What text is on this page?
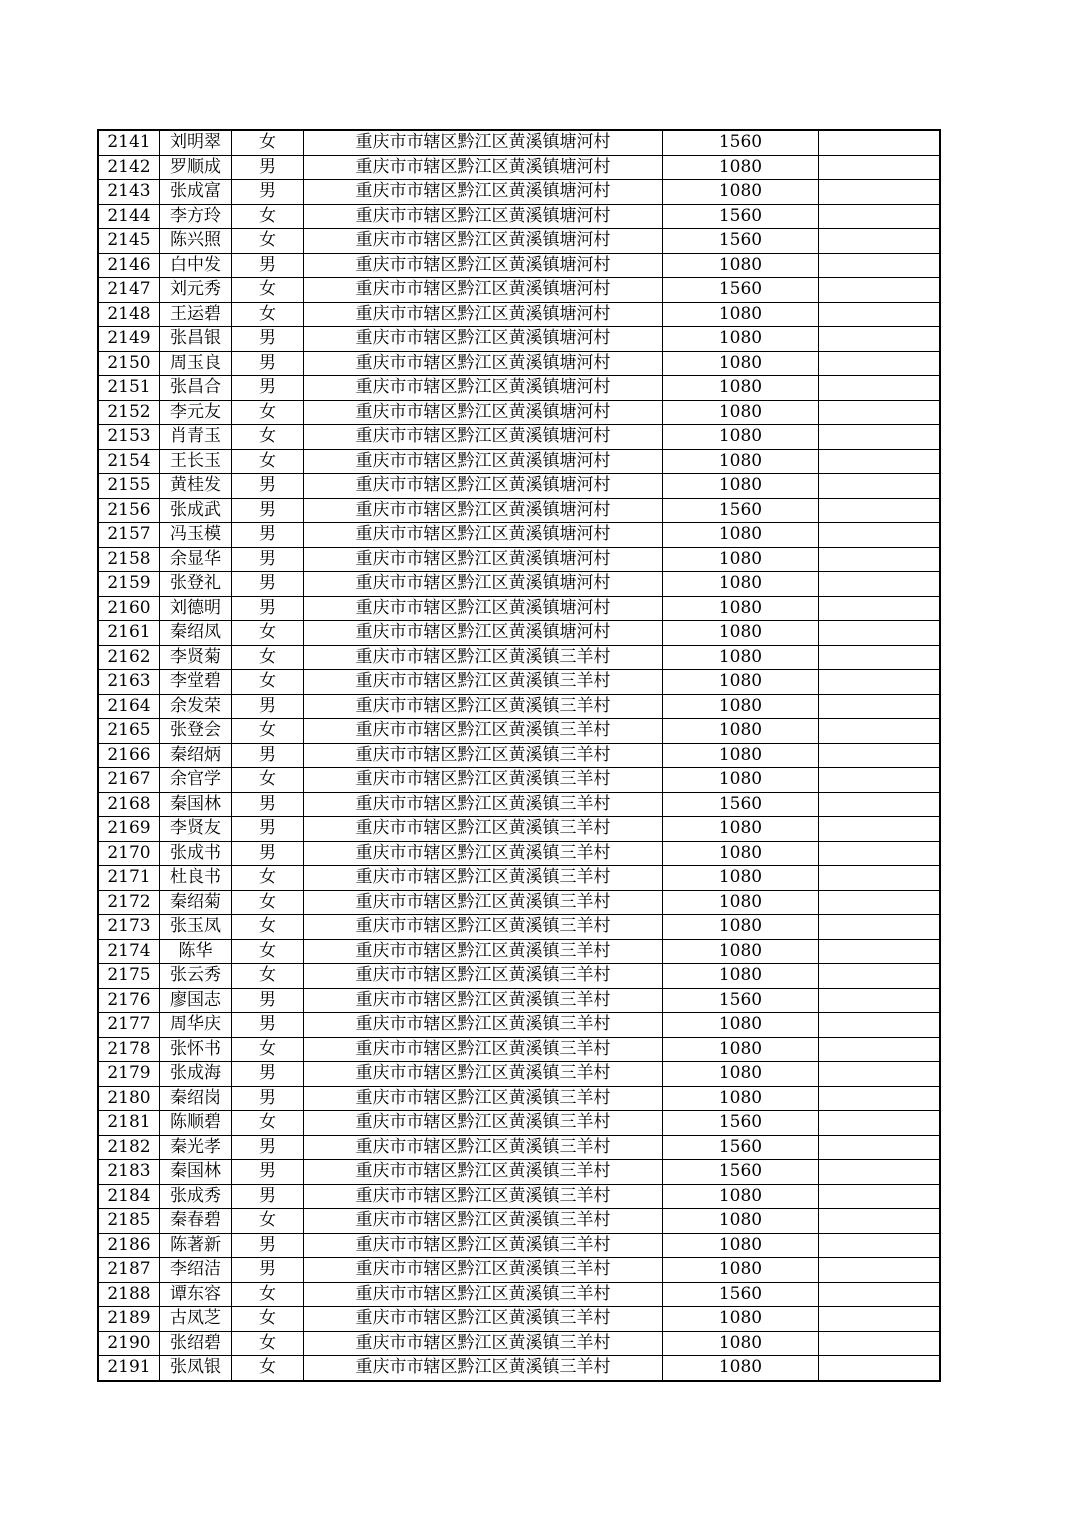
2141	刘明翠	女	重庆市市辖区黔江区黄溪镇塘河村	1560	
2142	罗顺成	男	重庆市市辖区黔江区黄溪镇塘河村	1080	
2143	张成富	男	重庆市市辖区黔江区黄溪镇塘河村	1080	
2144	李方玲	女	重庆市市辖区黔江区黄溪镇塘河村	1560	
2145	陈兴照	女	重庆市市辖区黔江区黄溪镇塘河村	1560	
2146	白中发	男	重庆市市辖区黔江区黄溪镇塘河村	1080	
2147	刘元秀	女	重庆市市辖区黔江区黄溪镇塘河村	1560	
2148	王运碧	女	重庆市市辖区黔江区黄溪镇塘河村	1080	
2149	张昌银	男	重庆市市辖区黔江区黄溪镇塘河村	1080	
2150	周玉良	男	重庆市市辖区黔江区黄溪镇塘河村	1080	
2151	张昌合	男	重庆市市辖区黔江区黄溪镇塘河村	1080	
2152	李元友	女	重庆市市辖区黔江区黄溪镇塘河村	1080	
2153	肖青玉	女	重庆市市辖区黔江区黄溪镇塘河村	1080	
2154	王长玉	女	重庆市市辖区黔江区黄溪镇塘河村	1080	
2155	黄桂发	男	重庆市市辖区黔江区黄溪镇塘河村	1080	
2156	张成武	男	重庆市市辖区黔江区黄溪镇塘河村	1560	
2157	冯玉模	男	重庆市市辖区黔江区黄溪镇塘河村	1080	
2158	余显华	男	重庆市市辖区黔江区黄溪镇塘河村	1080	
2159	张登礼	男	重庆市市辖区黔江区黄溪镇塘河村	1080	
2160	刘德明	男	重庆市市辖区黔江区黄溪镇塘河村	1080	
2161	秦绍凤	女	重庆市市辖区黔江区黄溪镇塘河村	1080	
2162	李贤菊	女	重庆市市辖区黔江区黄溪镇三羊村	1080	
2163	李堂碧	女	重庆市市辖区黔江区黄溪镇三羊村	1080	
2164	余发荣	男	重庆市市辖区黔江区黄溪镇三羊村	1080	
2165	张登会	女	重庆市市辖区黔江区黄溪镇三羊村	1080	
2166	秦绍炳	男	重庆市市辖区黔江区黄溪镇三羊村	1080	
2167	余官学	女	重庆市市辖区黔江区黄溪镇三羊村	1080	
2168	秦国林	男	重庆市市辖区黔江区黄溪镇三羊村	1560	
2169	李贤友	男	重庆市市辖区黔江区黄溪镇三羊村	1080	
2170	张成书	男	重庆市市辖区黔江区黄溪镇三羊村	1080	
2171	杜良书	女	重庆市市辖区黔江区黄溪镇三羊村	1080	
2172	秦绍菊	女	重庆市市辖区黔江区黄溪镇三羊村	1080	
2173	张玉凤	女	重庆市市辖区黔江区黄溪镇三羊村	1080	
2174	陈华	女	重庆市市辖区黔江区黄溪镇三羊村	1080	
2175	张云秀	女	重庆市市辖区黔江区黄溪镇三羊村	1080	
2176	廖国志	男	重庆市市辖区黔江区黄溪镇三羊村	1560	
2177	周华庆	男	重庆市市辖区黔江区黄溪镇三羊村	1080	
2178	张怀书	女	重庆市市辖区黔江区黄溪镇三羊村	1080	
2179	张成海	男	重庆市市辖区黔江区黄溪镇三羊村	1080	
2180	秦绍岗	男	重庆市市辖区黔江区黄溪镇三羊村	1080	
2181	陈顺碧	女	重庆市市辖区黔江区黄溪镇三羊村	1560	
2182	秦光孝	男	重庆市市辖区黔江区黄溪镇三羊村	1560	
2183	秦国林	男	重庆市市辖区黔江区黄溪镇三羊村	1560	
2184	张成秀	男	重庆市市辖区黔江区黄溪镇三羊村	1080	
2185	秦春碧	女	重庆市市辖区黔江区黄溪镇三羊村	1080	
2186	陈著新	男	重庆市市辖区黔江区黄溪镇三羊村	1080	
2187	李绍洁	男	重庆市市辖区黔江区黄溪镇三羊村	1080	
2188	谭东容	女	重庆市市辖区黔江区黄溪镇三羊村	1560	
2189	古凤芝	女	重庆市市辖区黔江区黄溪镇三羊村	1080	
2190	张绍碧	女	重庆市市辖区黔江区黄溪镇三羊村	1080	
2191	张凤银	女	重庆市市辖区黔江区黄溪镇三羊村	1080	
